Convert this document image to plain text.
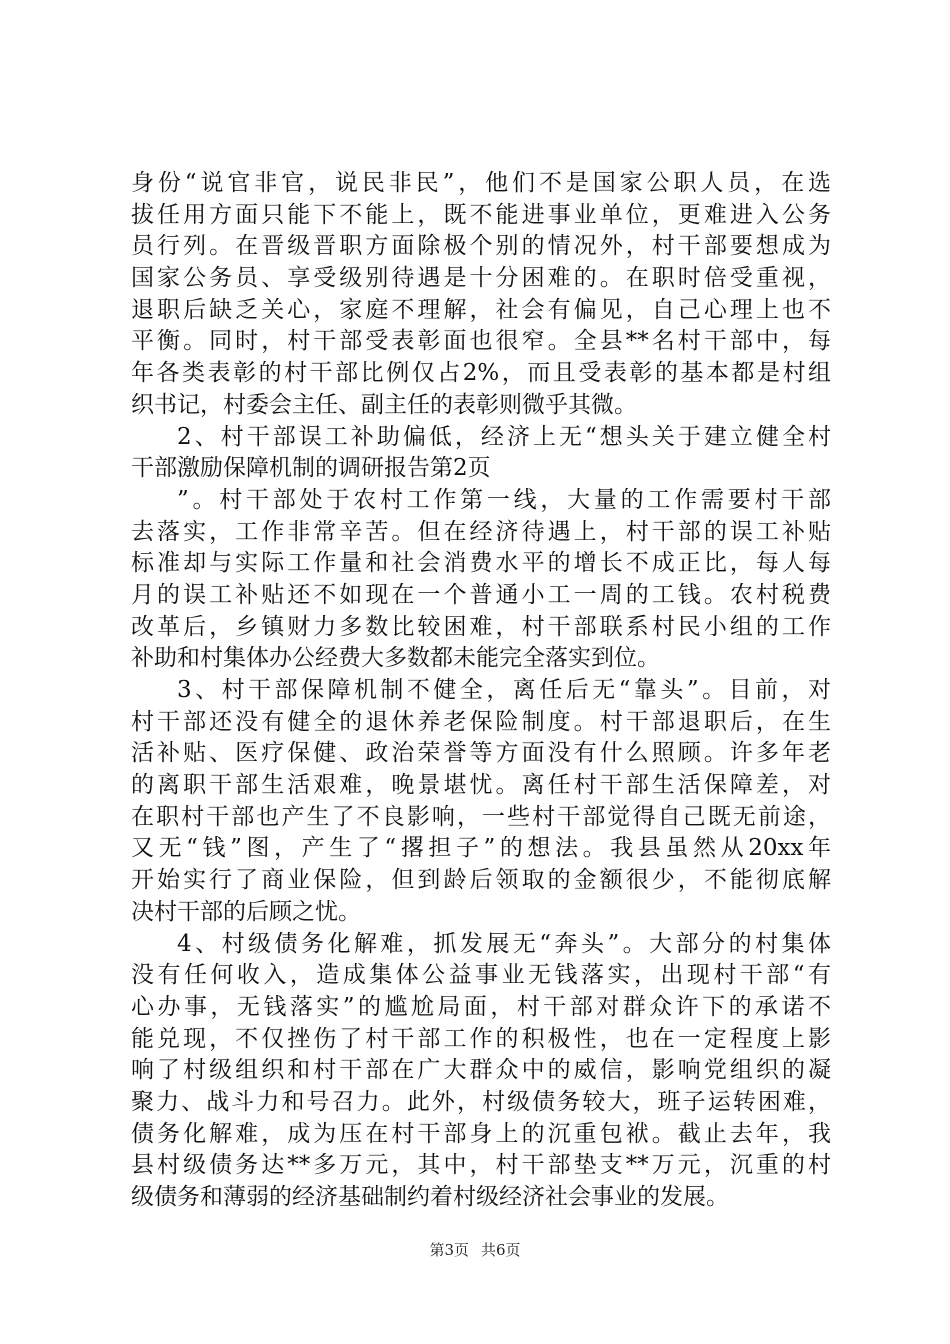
身份“说官非官，说民非民”，他们不是国家公职人员，在选
拔任用方面只能下不能上，既不能进事业单位，更难进入公务
员行列。在晋级晋职方面除极个别的情况外，村干部要想成为
国家公务员、享受级别待遇是十分困难的。在职时倍受重视，
退职后缺乏关心，家庭不理解，社会有偏见，自己心理上也不
平衡。同时，村干部受表彰面也很窄。全县**名村干部中，每
年各类表彰的村干部比例仅占2%，而且受表彰的基本都是村组
织书记，村委会主任、副主任的表彰则微乎其微。
2、村干部误工补助偏低，经济上无“想头关于建立健全村
干部激励保障机制的调研报告第2页
”。村干部处于农村工作第一线，大量的工作需要村干部
去落实，工作非常辛苦。但在经济待遇上，村干部的误工补贴
标准却与实际工作量和社会消费水平的增长不成正比，每人每
月的误工补贴还不如现在一个普通小工一周的工钱。农村税费
改革后，乡镇财力多数比较困难，村干部联系村民小组的工作
补助和村集体办公经费大多数都未能完全落实到位。
3、村干部保障机制不健全，离任后无“靠头”。目前，对
村干部还没有健全的退休养老保险制度。村干部退职后，在生
活补贴、医疗保健、政治荣誉等方面没有什么照顾。许多年老
的离职干部生活艰难，晚景堪忧。离任村干部生活保障差，对
在职村干部也产生了不良影响，一些村干部觉得自己既无前途，
又无“钱”图，产生了“撂担子”的想法。我县虽然从20xx年
开始实行了商业保险，但到龄后领取的金额很少，不能彻底解
决村干部的后顾之忧。
4、村级债务化解难，抓发展无“奔头”。大部分的村集体
没有任何收入，造成集体公益事业无钱落实，出现村干部“有
心办事，无钱落实”的尴尬局面，村干部对群众许下的承诺不
能兑现，不仅挫伤了村干部工作的积极性，也在一定程度上影
响了村级组织和村干部在广大群众中的威信，影响党组织的凝
聚力、战斗力和号召力。此外，村级债务较大，班子运转困难，
债务化解难，成为压在村干部身上的沉重包袱。截止去年，我
县村级债务达**多万元，其中，村干部垫支**万元，沉重的村
级债务和薄弱的经济基础制约着村级经济社会事业的发展。
第3页 共6页
